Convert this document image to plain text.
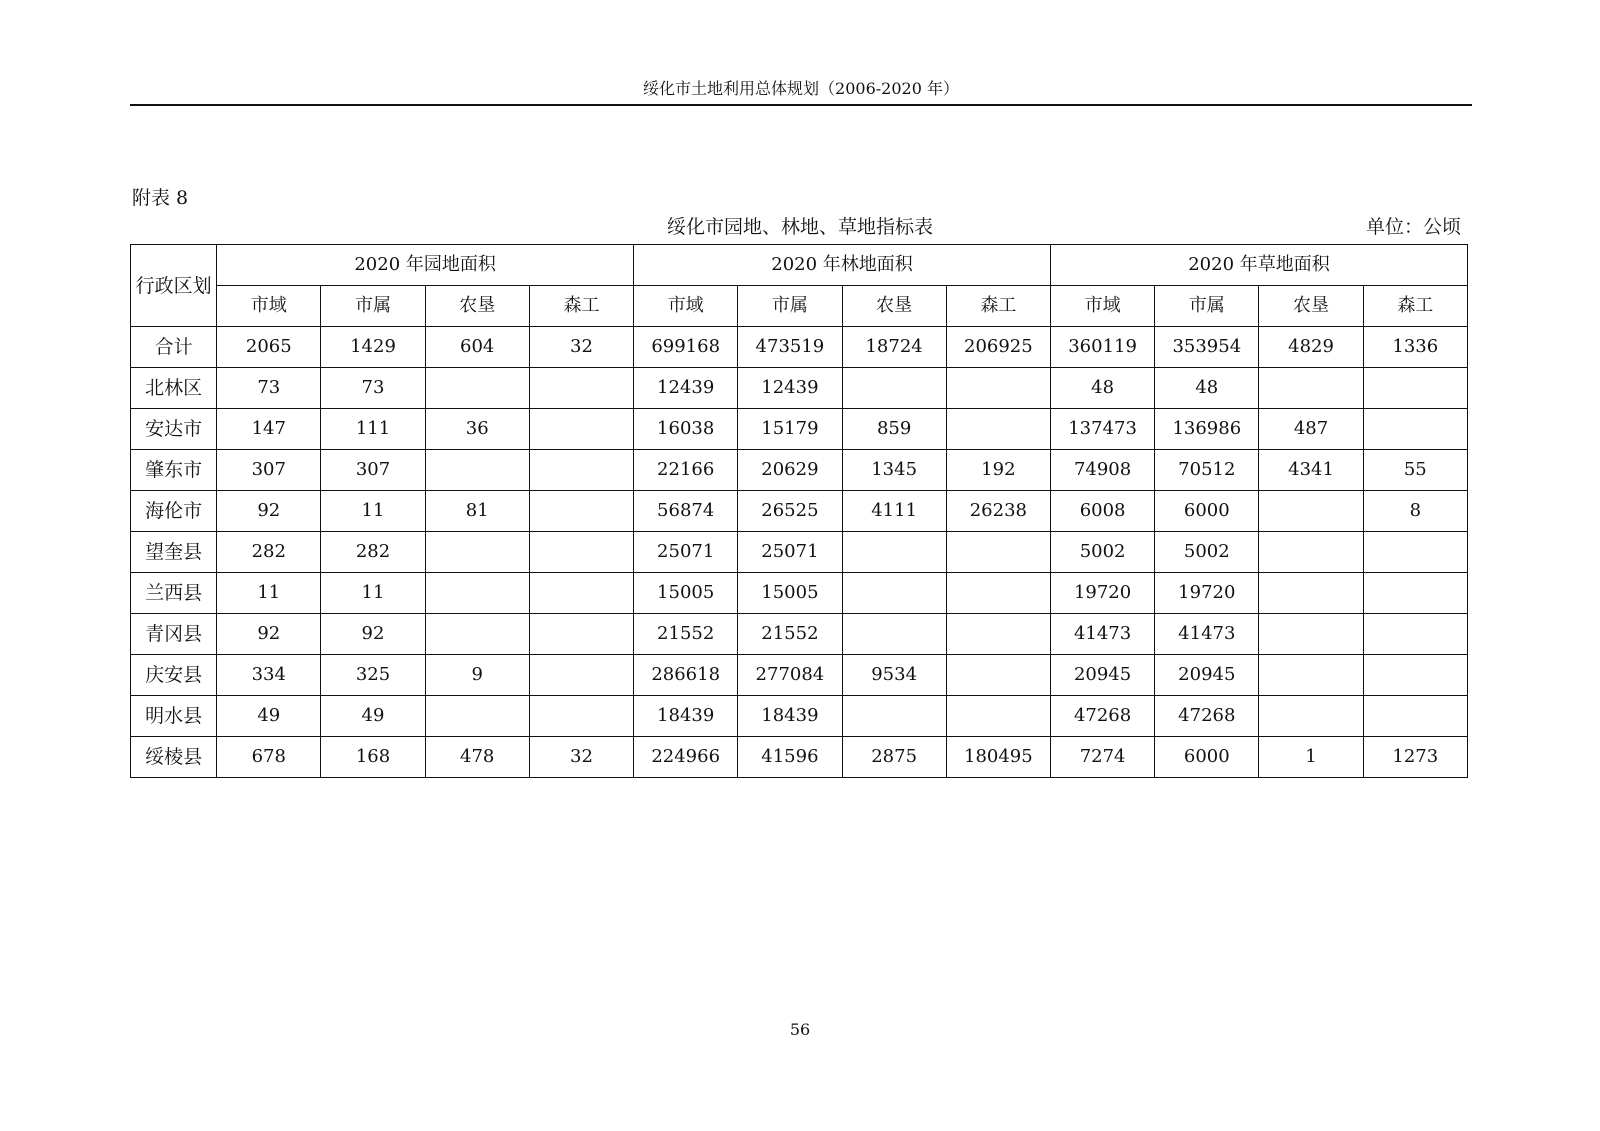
绥化市土地利用总体规划（2006-2020 年）
附表 8
绥化市园地、林地、草地指标表	单位：公顷
行政区划	2020 年园地面积				2020 年林地面积				2020 年草地面积			
	市域	市属	农垦	森工	市域	市属	农垦	森工	市域	市属	农垦	森工
合计	2065	1429	604	32	699168	473519	18724	206925	360119	353954	4829	1336
北林区	73	73			12439	12439			48	48		
安达市	147	111	36		16038	15179	859		137473	136986	487	
肇东市	307	307			22166	20629	1345	192	74908	70512	4341	55
海伦市	92	11	81		56874	26525	4111	26238	6008	6000		8
望奎县	282	282			25071	25071			5002	5002		
兰西县	11	11			15005	15005			19720	19720		
青冈县	92	92			21552	21552			41473	41473		
庆安县	334	325	9		286618	277084	9534		20945	20945		
明水县	49	49			18439	18439			47268	47268		
绥棱县	678	168	478	32	224966	41596	2875	180495	7274	6000	1	1273
56
